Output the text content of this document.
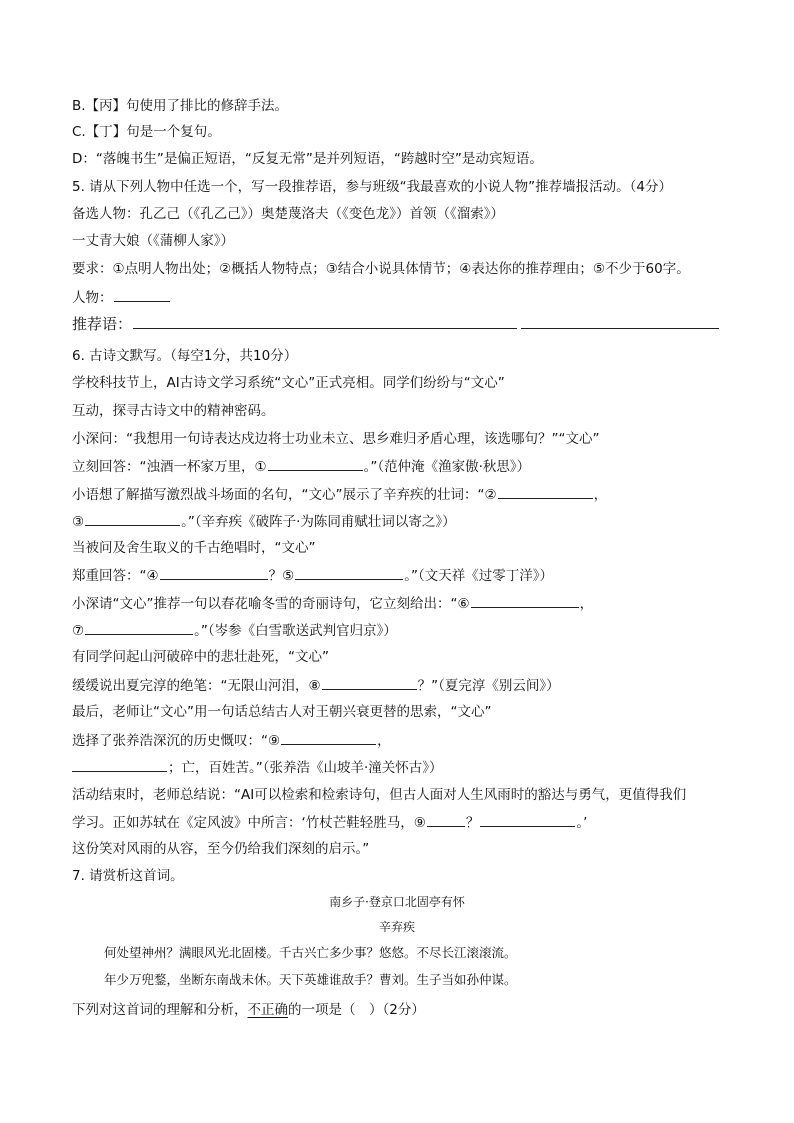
B.【丙】句使用了排比的修辞手法。
C.【丁】句是一个复句。
D：“落魄书生”是偏正短语，“反复无常”是并列短语，“跨越时空”是动宾短语。
5. 请从下列人物中任选一个，写一段推荐语，参与班级“我最喜欢的小说人物”推荐墙报活动。（4分）
备选人物：孔乙己（《孔乙己》）奥楚蔑洛夫（《变色龙》）首领（《溜索》）
一丈青大娘（《蒲柳人家》）
要求：①点明人物出处；②概括人物特点；③结合小说具体情节；④表达你的推荐理由；⑤不少于60字。
人物：
推荐语：
6. 古诗文默写。（每空1分，共10分）
学校科技节上，AI古诗文学习系统“文心”正式亮相。同学们纷纷与“文心”
互动，探寻古诗文中的精神密码。
小深问：“我想用一句诗表达戍边将士功业未立、思乡难归矛盾心理，该选哪句？”“文心”
立刻回答：“浊酒一杯家万里，①	。”（范仲淹《渔家傲·秋思》）
小语想了解描写激烈战斗场面的名句，“文心”展示了辛弃疾的壮词：“②	，
③	。”（辛弃疾《破阵子·为陈同甫赋壮词以寄之》）
当被问及舍生取义的千古绝唱时，“文心”
郑重回答：“④	？⑤	。”（文天祥《过零丁洋》）
小深请“文心”推荐一句以春花喻冬雪的奇丽诗句，它立刻给出：“⑥	，
⑦	。”（岑参《白雪歌送武判官归京》）
有同学问起山河破碎中的悲壮赴死，“文心”
缓缓说出夏完淳的绝笔：“无限山河泪，⑧	？”（夏完淳《别云间》）
最后，老师让“文心”用一句话总结古人对王朝兴衰更替的思索，“文心”
选择了张养浩深沉的历史慨叹：“⑨	，
；亡，百姓苦。”（张养浩《山坡羊·潼关怀古》）
活动结束时，老师总结说：“AI可以检索和检索诗句，但古人面对人生风雨时的豁达与勇气，更值得我们
学习。正如苏轼在《定风波》中所言：‘竹杖芒鞋轻胜马，⑨	？	。’
这份笑对风雨的从容，至今仍给我们深刻的启示。”
7. 请赏析这首词。
南乡子·登京口北固亭有怀
辛弃疾
何处望神州？满眼风光北固楼。千古兴亡多少事？悠悠。不尽长江滚滚流。
年少万兜鍪，坐断东南战未休。天下英雄谁敌手？曹刘。生子当如孙仲谋。
下列对这首词的理解和分析，不正确的一项是（　）（2分）
